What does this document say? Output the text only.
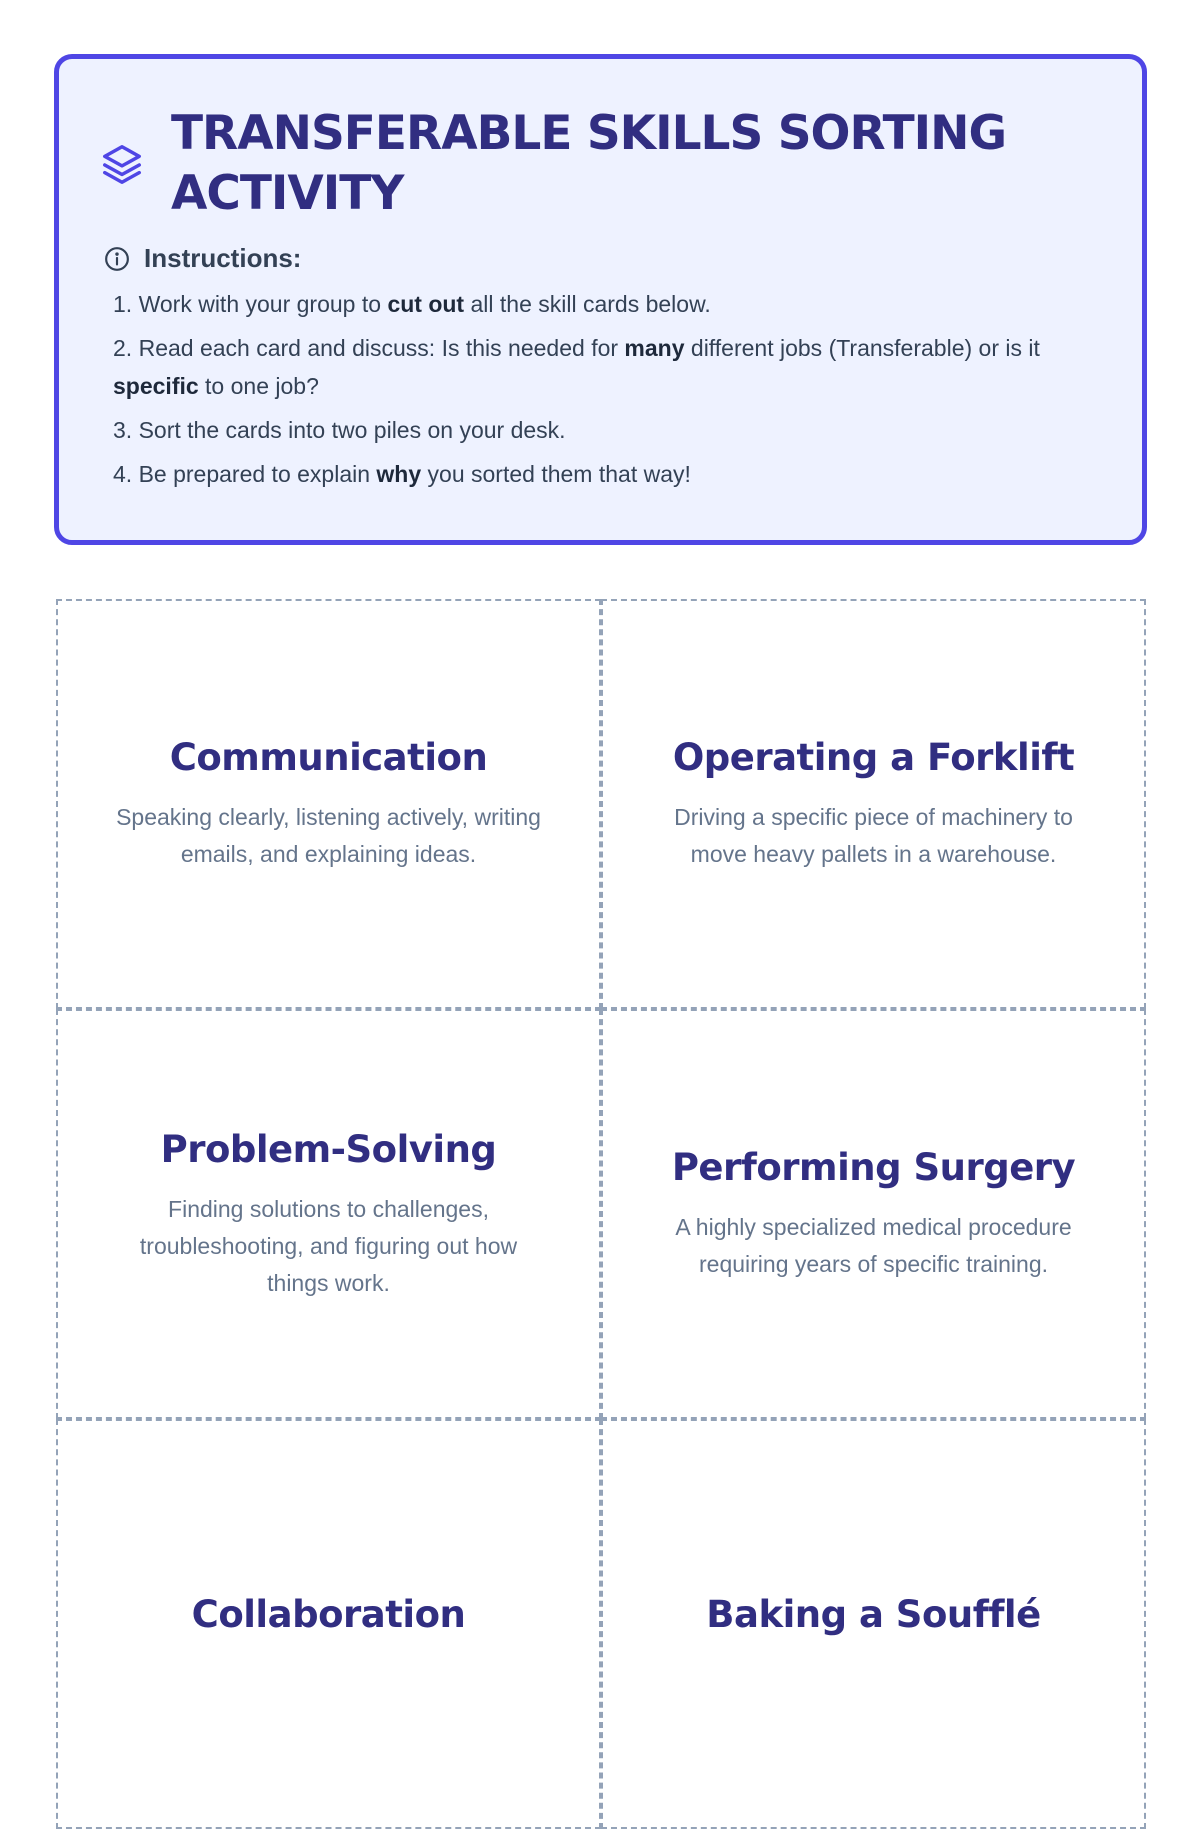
TRANSFERABLE SKILLS SORTING ACTIVITY
Instructions:
1. Work with your group to cut out all the skill cards below.
2. Read each card and discuss: Is this needed for many different jobs (Transferable) or is it specific to one job?
3. Sort the cards into two piles on your desk.
4. Be prepared to explain why you sorted them that way!
Communication

Speaking clearly, listening actively, writing emails, and explaining ideas.

Operating a Forklift

Driving a specific piece of machinery to move heavy pallets in a warehouse.

Problem-Solving

Finding solutions to challenges, troubleshooting, and figuring out how things work.

Performing Surgery

A highly specialized medical procedure requiring years of specific training.

Collaboration	Baking a Soufflé
